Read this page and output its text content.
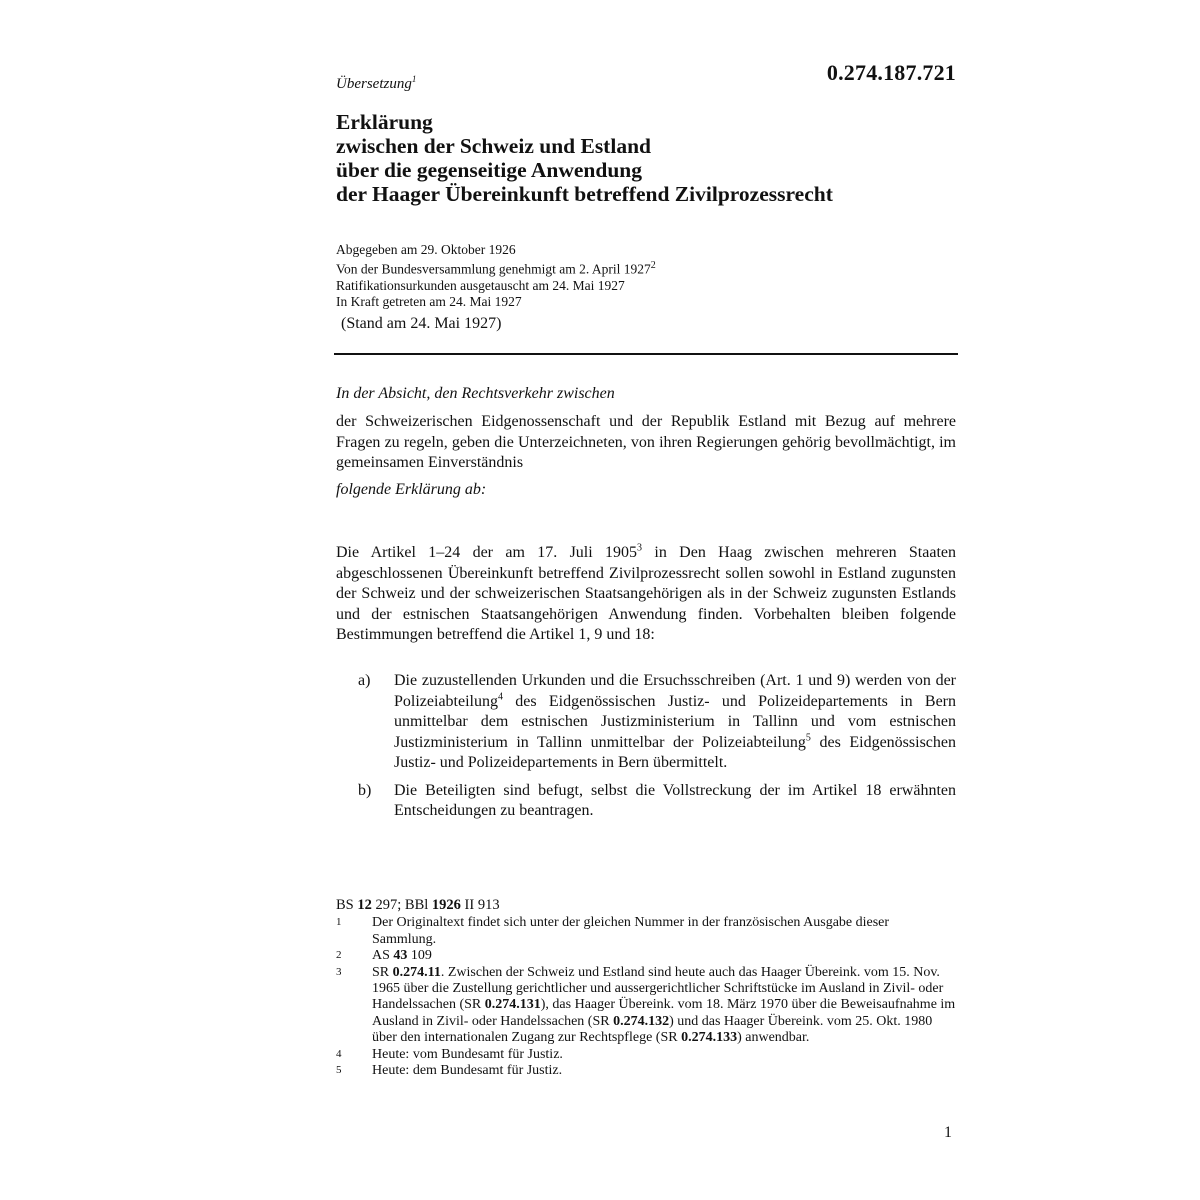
Übersetzung$^1$	0.274.187.721
Erklärung
zwischen der Schweiz und Estland
über die gegenseitige Anwendung
der Haager Übereinkunft betreffend Zivilprozessrecht
Abgegeben am 29. Oktober 1926
Von der Bundesversammlung genehmigt am 2. April 1927$^2$
Ratifikationsurkunden ausgetauscht am 24. Mai 1927
In Kraft getreten am 24. Mai 1927
(Stand am 24. Mai 1927)
In der Absicht, den Rechtsverkehr zwischen
der Schweizerischen Eidgenossenschaft und der Republik Estland mit Bezug auf mehrere Fragen zu regeln, geben die Unterzeichneten, von ihren Regierungen gehörig bevollmächtigt, im gemeinsamen Einverständnis
folgende Erklärung ab:
Die Artikel 1–24 der am 17. Juli 1905$^3$ in Den Haag zwischen mehreren Staaten abgeschlossenen Übereinkunft betreffend Zivilprozessrecht sollen sowohl in Estland zugunsten der Schweiz und der schweizerischen Staatsangehörigen als in der Schweiz zugunsten Estlands und der estnischen Staatsangehörigen Anwendung finden. Vorbehalten bleiben folgende Bestimmungen betreffend die Artikel 1, 9 und 18:
a)	Die zuzustellenden Urkunden und die Ersuchsschreiben (Art. 1 und 9) werden von der Polizeiabteilung$^4$ des Eidgenössischen Justiz- und Polizeidepartements in Bern unmittelbar dem estnischen Justizministerium in Tallinn und vom estnischen Justizministerium in Tallinn unmittelbar der Polizeiabteilung$^5$ des Eidgenössischen Justiz- und Polizeidepartements in Bern übermittelt.
b)	Die Beteiligten sind befugt, selbst die Vollstreckung der im Artikel 18 erwähnten Entscheidungen zu beantragen.
BS 12 297; BBl 1926 II 913
1	Der Originaltext findet sich unter der gleichen Nummer in der französischen Ausgabe dieser Sammlung.
2	AS 43 109
3	SR 0.274.11. Zwischen der Schweiz und Estland sind heute auch das Haager Übereink. vom 15. Nov. 1965 über die Zustellung gerichtlicher und aussergerichtlicher Schriftstücke im Ausland in Zivil- oder Handelssachen (SR 0.274.131), das Haager Übereink. vom 18. März 1970 über die Beweisaufnahme im Ausland in Zivil- oder Handelssachen (SR 0.274.132) und das Haager Übereink. vom 25. Okt. 1980 über den internationalen Zugang zur Rechtspflege (SR 0.274.133) anwendbar.
4	Heute: vom Bundesamt für Justiz.
5	Heute: dem Bundesamt für Justiz.
1
